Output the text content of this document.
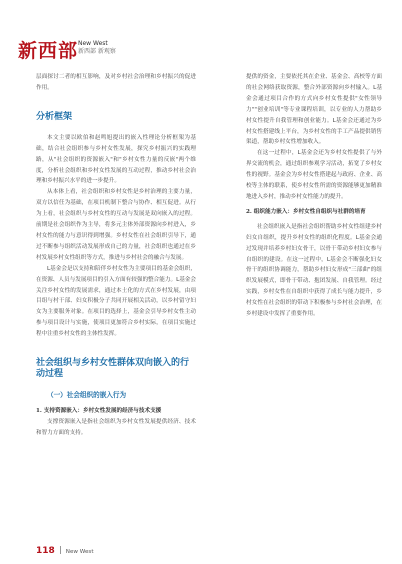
新西部 New West
新西部 新观察

层面探讨二者的相互影响，及对乡村社会治理和乡村振兴的促进作用。

分析框架

本文主要以欧伯和赵鸣旭提出的嵌入性理论分析框架为基础，结合社会组织参与乡村女性发展，探究乡村振兴的实践理路，从"社会组织的资源嵌入"和"乡村女性力量的反嵌"两个维度，分析社会组织和乡村女性发展的互动过程，推动乡村社会治理和乡村振兴水平的进一步提升。

从本体上看，社会组织和乡村女性是乡村治理的主要力量，双方以信任为基础，在项目机制下整合与协作、相互促进。从行为上看，社会组织与乡村女性的互动与发展是双向嵌入的过程。前期是社会组织作为主导，将多元主体外部资源向乡村进入，乡村女性的能力与意识得到增强。乡村女性在社会组织引导下，通过不断参与组织活动发展形成自己的力量，社会组织也通过在乡村发展乡村女性组织等方式，推进与乡村社会的融合与发展。

L基金会是以支持和陪伴乡村女性为主要项目的基金会组织，在资源、人员与发展项目的引入方面有较强的整合能力。L基金会关注乡村女性的发展需求，通过本土化的方式在乡村发展，由项目组与村干部、妇女积极分子共同开展相关活动，以乡村留守妇女为主要服务对象。在项目的选择上，基金会引导乡村女性主动参与项目设计与实施，使项目更加符合乡村实际，在项目实施过程中注重乡村女性的主体性发挥。

社会组织与乡村女性群体双向嵌入的行动过程
（一）社会组织的嵌入行为

1. 支持资源嵌入：乡村女性发展的经济与技术支援

支撑资源嵌入是指社会组织为乡村女性发展提供经济、技术和智力方面的支持。

提供的资金，主要依托其在企业、基金会、高校等方面的社会网络获取资源，整合外部资源向乡村输入。L基金会通过项目合作的方式向乡村女性提供"女性领导力""创业培训"等专业课程培训，以专业的人力帮助乡村女性提升自我管理和创业能力。L基金会还通过为乡村女性搭建线上平台，为乡村女性的手工产品提供销售渠道，帮助乡村女性增加收入。

在这一过程中，L基金会还为乡村女性提供了与外界交流的机会，通过组织参观学习活动，拓宽了乡村女性的视野。基金会为乡村女性搭建起与政府、企业、高校等主体的联系，使乡村女性所需的资源能够更加精准地进入乡村，推动乡村女性能力的提升。

2. 组织能力嵌入：乡村女性自组织与社群的培育

社会组织嵌入是指社会组织帮助乡村女性组建乡村妇女自组织，提升乡村女性的组织化程度。L基金会通过发现并培养乡村妇女骨干，以骨干带动乡村妇女参与自组织的建设。在这一过程中，L基金会不断强化妇女骨干的组织协调能力，帮助乡村妇女形成"三部曲"的组织发展模式，即骨干带动、抱团发展、自我管理。经过实践，乡村女性在自组织中获得了成长与能力提升，乡村女性在社会组织的带动下积极参与乡村社会治理，在乡村建设中发挥了重要作用。

118 New West
